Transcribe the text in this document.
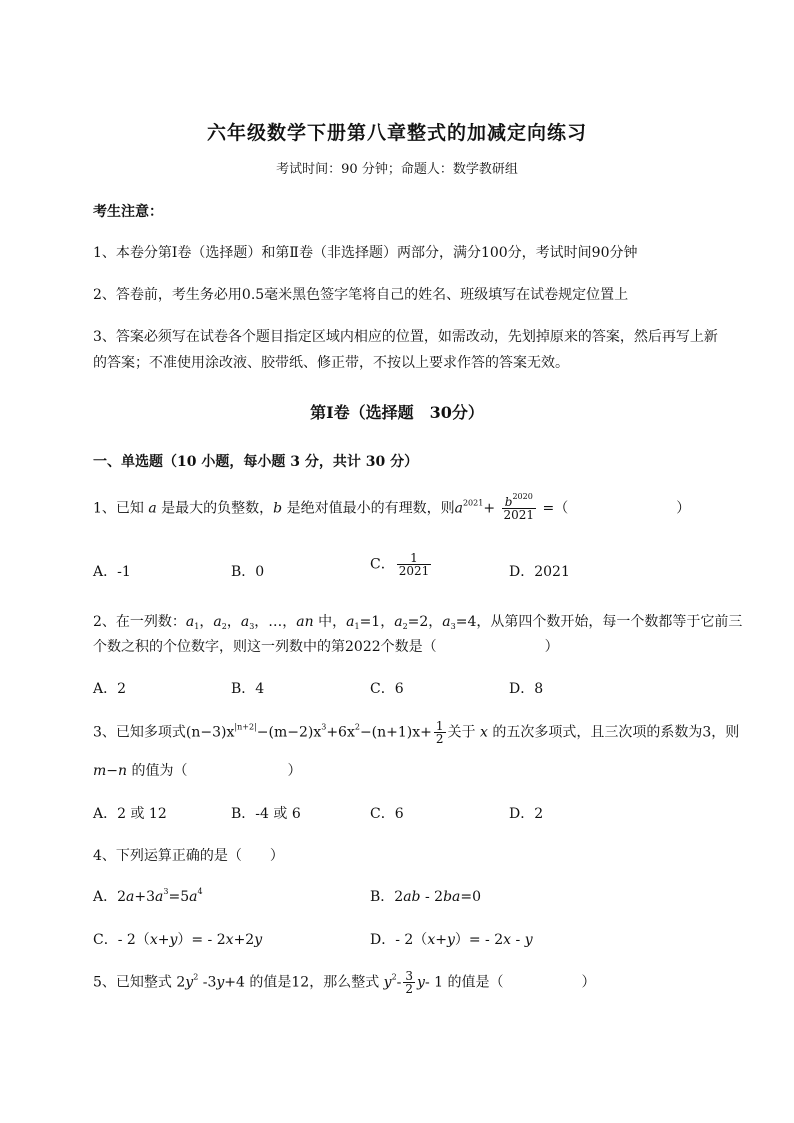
六年级数学下册第八章整式的加减定向练习
考试时间：90 分钟；命题人：数学教研组
考生注意：
1、本卷分第Ⅰ卷（选择题）和第Ⅱ卷（非选择题）两部分，满分100分，考试时间90分钟
2、答卷前，考生务必用0.5毫米黑色签字笔将自己的姓名、班级填写在试卷规定位置上
3、答案必须写在试卷各个题目指定区域内相应的位置，如需改动，先划掉原来的答案，然后再写上新
的答案；不准使用涂改液、胶带纸、修正带，不按以上要求作答的答案无效。
第Ⅰ卷（选择题　30分）
一、单选题（10 小题，每小题 3 分，共计 30 分）
1、已知 a 是最大的负整数，b 是绝对值最小的有理数，则$a^{2021}+ \frac{b^{2020}}{2021}$ =（	）
A．-1	B．0	C． $\frac{1}{2021}$	D．2021
2、在一列数：$a_1$，$a_2$，$a_3$，…，an 中，$a_1=1$，$a_2=2$，$a_3=4$，从第四个数开始，每一个数都等于它前三
个数之积的个位数字，则这一列数中的第2022个数是（	）
A．2	B．4	C．6	D．8
3、已知多项式$(n-3)x^{|n+2|}-(m-2)x^3+6x^2-(n+1)x+ \frac{1}{2}$ 关于 x 的五次多项式，且三次项的系数为3，则
m−n 的值为（	）
A．2 或 12	B．-4 或 6	C．6	D．2
4、下列运算正确的是（　　）
A．$2a+3a^3=5a^4$	B．2ab - 2ba=0
C．- 2（x+y）= - 2x+2y	D．- 2（x+y）= - 2x - y
5、已知整式 $2y^2$ -3y+4 的值是12，那么整式 $y^2- \frac{3}{2} y-$ 1 的值是（	）
